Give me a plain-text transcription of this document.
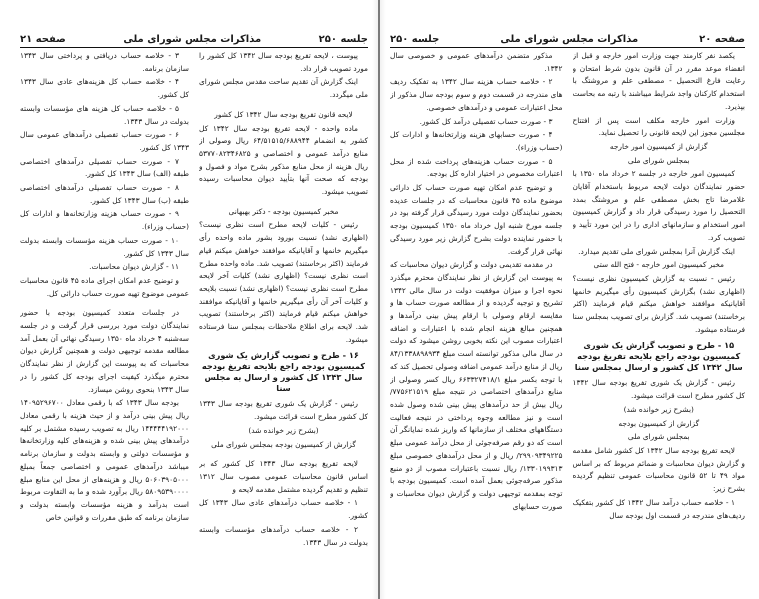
جلسه ۲۵۰
مذاکرات مجلس شورای ملی
صفحه ۲۱
پیوست ، لایحه تفریغ بودجه سال ۱۳۴۲ کل کشور را مورد تصویب قرار داد.
اینک گزارش آن تقدیم ساحت مقدس مجلس شورای ملی میگردد.
لایحه قانون تفریغ بودجه سال ۱۳۴۲ کل کشور
ماده واحده - لایحه تفریغ بودجه سال ۱۳۴۲ کل کشور به انضمام ۶۴/۵۱۵۱۵/۶۸۸۹۴۴ ریال وصولی از منابع درآمد عمومی و اختصاصی و ۵۳۷۷۰۸۲۳۴۶۸۲۵ ریال هزینه از محل منابع مذکور بشرح مواد و فصول و بودجه که صحت آنها بتأیید دیوان محاسبات رسیده تصویب میشود.
مخبر کمیسیون بودجه - دکتر بهبهانی
رئیس - کلیات لایحه مطرح است نظری نیست؟ (اظهاری نشد) نسبت بورود بشور ماده واحده رأی میگیریم خانمها و آقایانیکه موافقند خواهش میکنم قیام فرمایند (اکثر برخاستند) تصویب شد. ماده واحده مطرح است نظری نیست؟ (اظهاری نشد) کلیات آخر لایحه مطرح است نظری نیست؟ (اظهاری نشد) نسبت بلایحه و کلیات آخر آن رأی میگیریم خانمها و آقایانیکه موافقند خواهش میکنم قیام فرمایند (اکثر برخاستند) تصویب شد. لایحه برای اطلاع ملاحظات بمجلس سنا فرستاده میشود.
۱۶ - طرح و تصویب گزارش یک شوری کمیسیون بودجه راجع بلایحه تفریغ بودجه سال ۱۳۴۳ کل کشور و ارسال به مجلس سنا
رئیس - گزارش یک شوری تفریغ بودجه سال ۱۳۴۳ کل کشور مطرح است قرائت میشود.
(بشرح زیر خوانده شد)
گزارش از کمیسیون بودجه بمجلس شورای ملی
لایحه تفریغ بودجه سال ۱۳۴۳ کل کشور که بر اساس قانون محاسبات عمومی مصوب سال ۱۳۱۲ تنظیم و تقدیم گردیده مشتمل مقدمه لایحه و
۱ - خلاصه حساب درآمدهای عادی سال ۱۳۴۳ کل کشور.
۲ - خلاصه حساب درآمدهای مؤسسات وابسته بدولت در سال ۱۳۴۳.
۳ - خلاصه حساب دریافتی و پرداختی سال ۱۳۴۳ سازمان برنامه.
۴ - خلاصه حساب کل هزینه‌های عادی سال ۱۳۴۳ کل کشور.
۵ - خلاصه حساب کل هزینه های مؤسسات وابسته بدولت در سال ۱۳۴۳.
۶ - صورت حساب تفصیلی درآمدهای عمومی سال ۱۳۴۳ کل کشور.
۷ - صورت حساب تفصیلی درآمدهای اختصاصی طبقه (الف) سال ۱۳۴۳ کل کشور.
۸ - صورت حساب تفصیلی درآمدهای اختصاصی طبقه (ب) سال ۱۳۴۳ کل کشور.
۹ - صورت حساب هزینه وزارتخانه‌ها و ادارات کل (حساب وزراء).
۱۰ - صورت حساب هزینه مؤسسات وابسته بدولت سال ۱۳۴۳ کل کشور.
۱۱ - گزارش دیوان محاسبات.
و توضیح عدم امکان اجرای ماده ۴۵ قانون محاسبات عمومی موضوع تهیه صورت حساب دارائی کل.
در جلسات متعدد کمیسیون بودجه با حضور نمایندگان دولت مورد بررسی قرار گرفت و در جلسه سه‌شنبه ۴ خرداد ماه ۱۳۵۰ رسیدگی نهائی آن بعمل آمد مطالعه مقدمه توجیهی دولت و همچنین گزارش دیوان محاسبات که به پیوست این گزارش از نظر نمایندگان محترم میگذرد کیفیت اجرای بودجه کل کشور را در سال ۱۳۴۳ بنحوی روشن میسازد.
بودجه سال ۱۳۴۳ که با رقمی معادل ۱۴۰۹۵۲۹۶۷۰۰ ریال پیش بینی درآمد و از حیث هزینه با رقمی معادل ۱۴۴۴۴۴۱۹۲۰۰۰ ریال به تصویب رسیده مشتمل بر کلیه درآمدهای پیش بینی شده و هزینه‌های کلیه وزارتخانه‌ها و مؤسسات دولتی و وابسته بدولت و سازمان برنامه میباشد درآمدهای عمومی و اختصاصی جمعاً بمبلغ ۵۰۶۰۳۹۰۵۰۰۰ ریال و هزینه‌های از محل این منابع مبلغ ۵۸۰۹۵۳۹۰۰۰۰ ریال برآورد شده و ما به التفاوت مربوط است بدرآمد و هزینه مؤسسات وابسته بدولت و سازمان برنامه که طبق مقررات و قوانین خاص
صفحه ۲۰
مذاکرات مجلس شورای ملی
جلسه ۲۵۰
یکصد نفر کارمند جهت وزارت امور خارجه و قبل از انقضاء موعد مقرر در آن قانون بدون شرط امتحان و رعایت فارغ التحصیل - مصطفی علم و مروشتگ با استخدام کارکنان واجد شرایط میباشند با رتبه مه بحاست بپذیرد.
وزارت امور خارجه مکلف است پس از افتتاح مجلسین مجوز این لایحه قانونی را تحصیل نماید.
گزارش از کمیسیون امور خارجه
بمجلس شورای ملی
کمیسیون امور خارجه در جلسه ۲ خرداد ماه ۱۳۵۰ با حضور نمایندگان دولت لایحه مربوط باستخدام آقایان غلامرضا تاج بخش مصطفی علم و مروشتگ بمدد التحصیل را مورد رسیدگی قرار داد و گزارش کمیسیون امور استخدام و سازمانهای اداری را در این مورد تأیید و تصویب کرد.
اینک گزارش آنرا بمجلس شورای ملی تقدیم میدارد.
مخبر کمیسیون امور خارجه - فتح الله ستی
رئیس - نسبت به گزارش کمیسیون نظری نیست؟ (اظهاری نشد) بگزارش کمیسیون رأی میگیریم خانمها آقایانیکه موافقند خواهش میکنم قیام فرمایند (اکثر برخاستند) تصویب شد. گزارش برای تصویب بمجلس سنا فرستاده میشود.
۱۵ - طرح و تصویب گزارش یک شوری کمیسیون بودجه راجع بلایحه تفریغ بودجه سال ۱۳۴۲ کل کشور و ارسال بمجلس سنا
رئیس - گزارش یک شوری تفریغ بودجه سال ۱۳۴۲ کل کشور مطرح است قرائت میشود.
(بشرح زیر خوانده شد)
گزارش از کمیسیون بودجه
بمجلس شورای ملی
لایحه تفریغ بودجه سال ۱۳۴۲ کل کشور شامل مقدمه و گزارش دیوان محاسبات و ضمائم مربوط که بر اساس مواد ۴۹ تا ۵۲ قانون محاسبات عمومی تنظیم گردیده بشرح زیر:
۱ - خلاصه حساب درآمد سال ۱۳۴۲ کل کشور بتفکیک ردیف‌های مندرجه در قسمت اول بودجه سال
مذکور متضمن درآمدهای عمومی و خصوصی سال ۱۳۴۲.
۲ - خلاصه حساب هزینه سال ۱۳۴۲ به تفکیک ردیف های مندرجه در قسمت دوم و سوم بودجه سال مذکور از محل اعتبارات عمومی و درآمدهای خصوصی.
۳ - صورت حساب تفصیلی درآمد کل کشور.
۴ - صورت حسابهای هزینه وزارتخانه‌ها و ادارات کل (حساب وزراء).
۵ - صورت حساب هزینه‌های پرداخت شده از محل اعتبارات مخصوص در اختیار اداره کل بودجه.
و توضیح عدم امکان تهیه صورت حساب کل دارائی موضوع ماده ۴۵ قانون محاسبات که در جلسات عدیده بحضور نمایندگان دولت مورد رسیدگی قرار گرفته بود در جلسه مورخ شنبه اول خرداد ماه ۱۳۵۰ کمیسیون بودجه با حضور نماینده دولت بشرح گزارش زیر مورد رسیدگی نهائی قرار گرفت.
در مقدمه تقدیمی دولت و گزارش دیوان محاسبات که به پیوست این گزارش از نظر نمایندگان محترم میگذرد نحوه اجرا و میزان موفقیت دولت در سال مالی ۱۳۴۲ تشریح و توجیه گردیده و از مطالعه صورت حساب ها و مقایسه ارقام وصولی با ارقام پیش بینی درآمدها و همچنین مبالغ هزینه انجام شده با اعتبارات و اضافه اعتبارات مصوب این نکته بخوبی روشن میشود که دولت در سال مالی مذکور توانسته است مبلغ ۸۴/۱۳۳۸۸۹۸۹۳۴ ریال از منابع درآمد عمومی اضافه وصولی تحصیل کند که با توجه بکسر مبلغ ۶۶۳۳۲۷۴۱۸/۱ ریال کسر وصولی از منابع درآمدهای اختصاصی در نتیجه مبلغ ۷۷۵۶۲۱۵۱۹/ ریال بیش از حد درآمدهای پیش بینی شده وصول شده است و نیز مطالعه وجوه پرداختی در نتیجه فعالیت دستگاههای مختلف از سازمانها که واریز شده نمایانگر آن است که دو رقم صرفه‌جوئی از محل درآمد عمومی مبلغ ۲۹۹۰۹۳۴۹۲۲۵/ ریال و از محل درآمدهای خصوصی مبلغ ۱۳۳۰۱۹۹۳۱۳/ ریال نسبت باعتبارات مصوب از دو منبع مذکور صرفه‌جوئی بعمل آمده است. کمیسیون بودجه با توجه بمقدمه توجیهی دولت و گزارش دیوان محاسبات و صورت حسابهای
